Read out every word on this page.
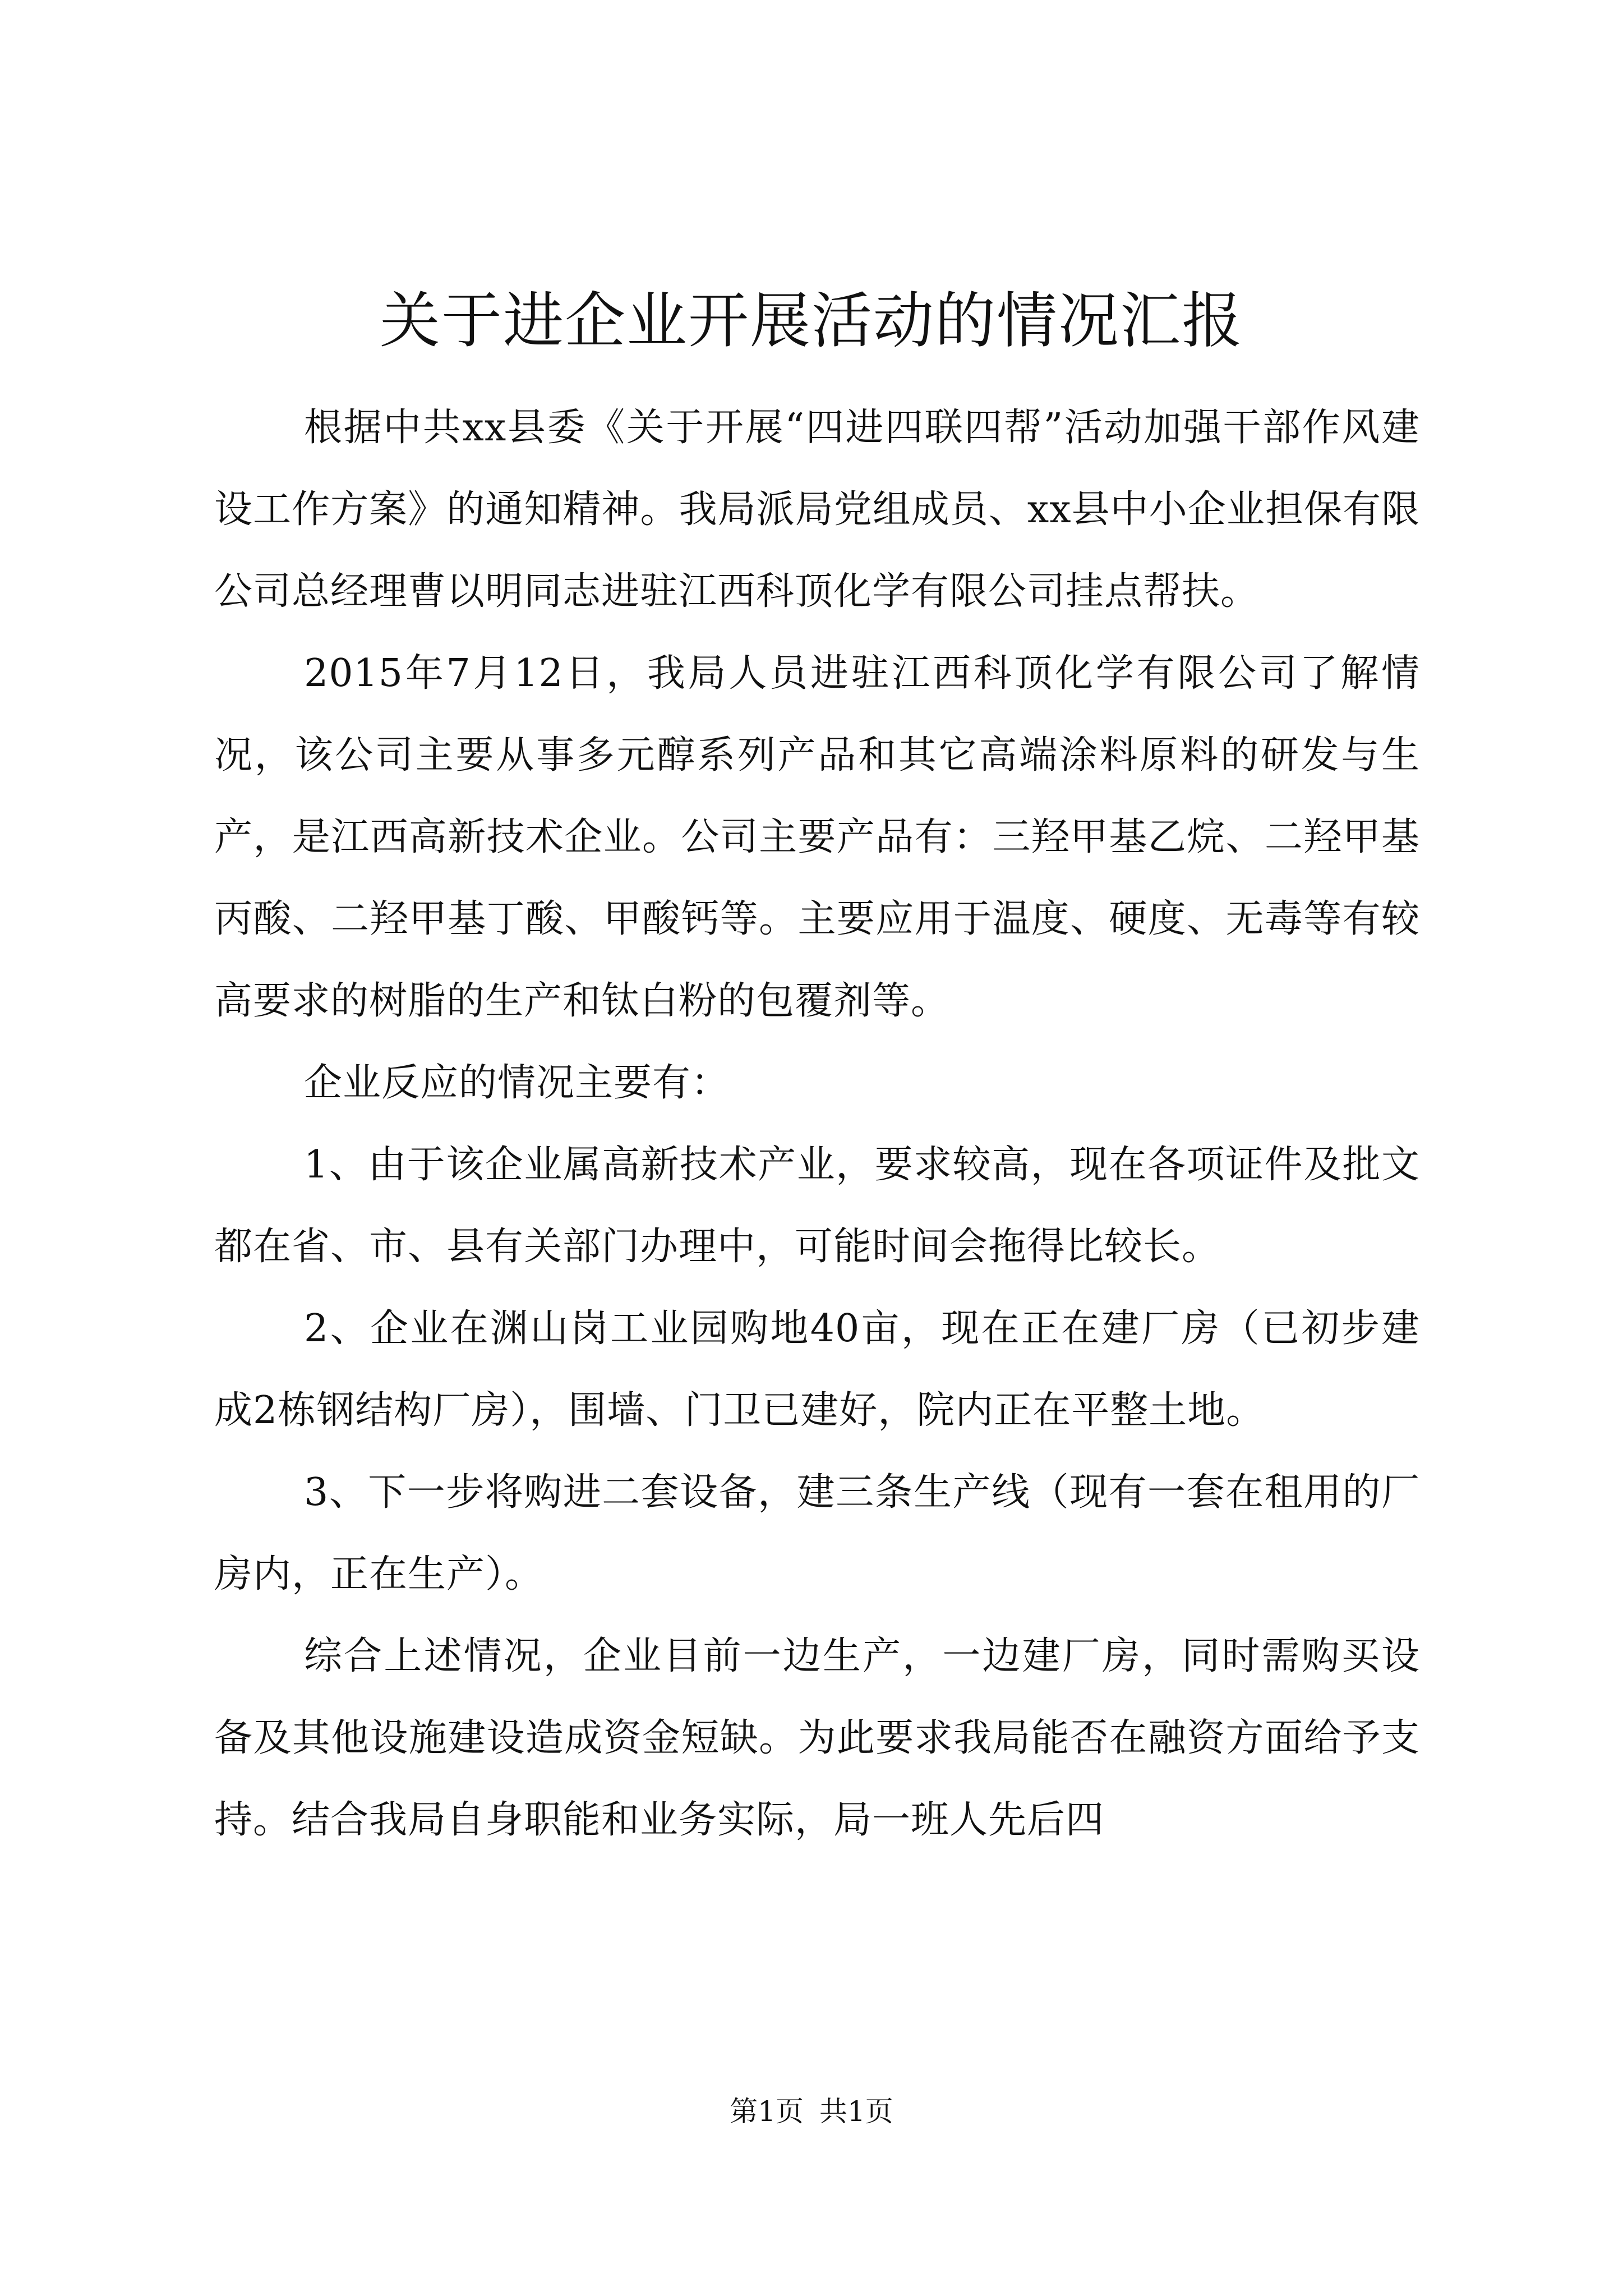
关于进企业开展活动的情况汇报

根据中共xx县委《关于开展“四进四联四帮”活动加强干部作风建设工作方案》的通知精神。我局派局党组成员、xx县中小企业担保有限公司总经理曹以明同志进驻江西科顶化学有限公司挂点帮扶。

2015年7月12日，我局人员进驻江西科顶化学有限公司了解情况，该公司主要从事多元醇系列产品和其它高端涂料原料的研发与生产，是江西高新技术企业。公司主要产品有：三羟甲基乙烷、二羟甲基丙酸、二羟甲基丁酸、甲酸钙等。主要应用于温度、硬度、无毒等有较高要求的树脂的生产和钛白粉的包覆剂等。

企业反应的情况主要有：

1、由于该企业属高新技术产业，要求较高，现在各项证件及批文都在省、市、县有关部门办理中，可能时间会拖得比较长。

2、企业在渊山岗工业园购地40亩，现在正在建厂房（已初步建成2栋钢结构厂房），围墙、门卫已建好，院内正在平整土地。

3、下一步将购进二套设备，建三条生产线（现有一套在租用的厂房内，正在生产）。

综合上述情况，企业目前一边生产，一边建厂房，同时需购买设备及其他设施建设造成资金短缺。为此要求我局能否在融资方面给予支持。结合我局自身职能和业务实际，局一班人先后四

第1页 共1页
